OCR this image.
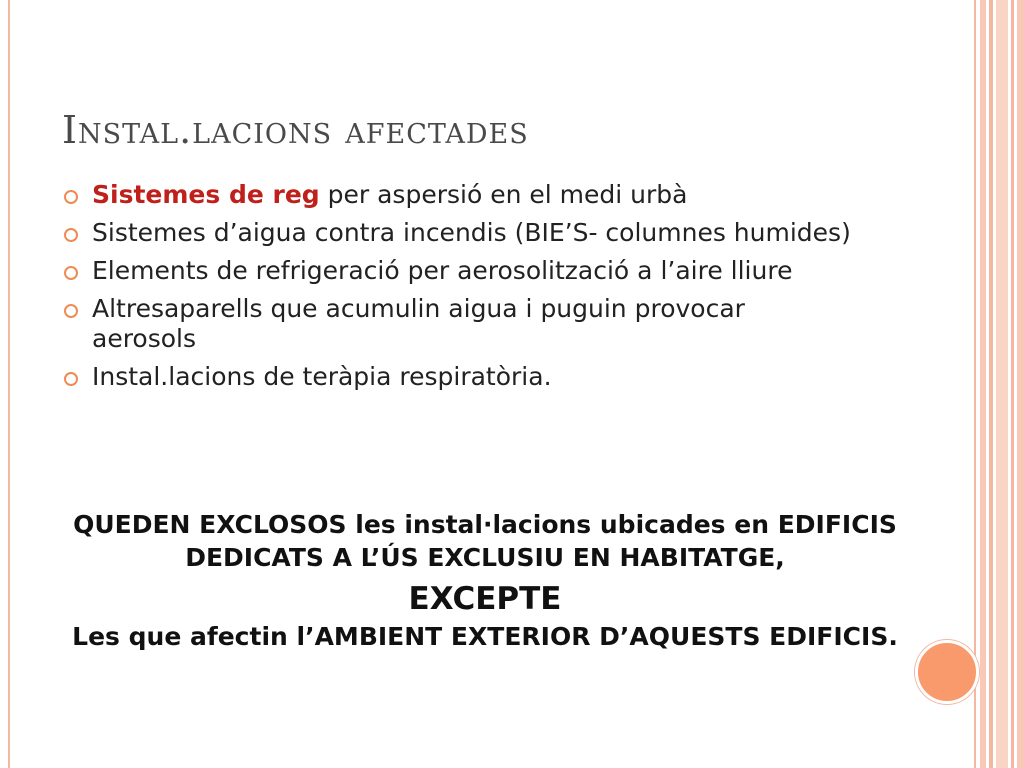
Instal.lacions afectades
Sistemes de reg per aspersió en el medi urbà
Sistemes d’aigua contra incendis (BIE’S- columnes humides)
Elements de refrigeració per aerosolització a l’aire lliure
Altresaparells que acumulin aigua i puguin provocar aerosols
Instal.lacions de teràpia respiratòria.

QUEDEN EXCLOSOS les instal·lacions ubicades en EDIFICIS DEDICATS A L’ÚS EXCLUSIU EN HABITATGE,

EXCEPTE

Les que afectin l’AMBIENT EXTERIOR D’AQUESTS EDIFICIS.
